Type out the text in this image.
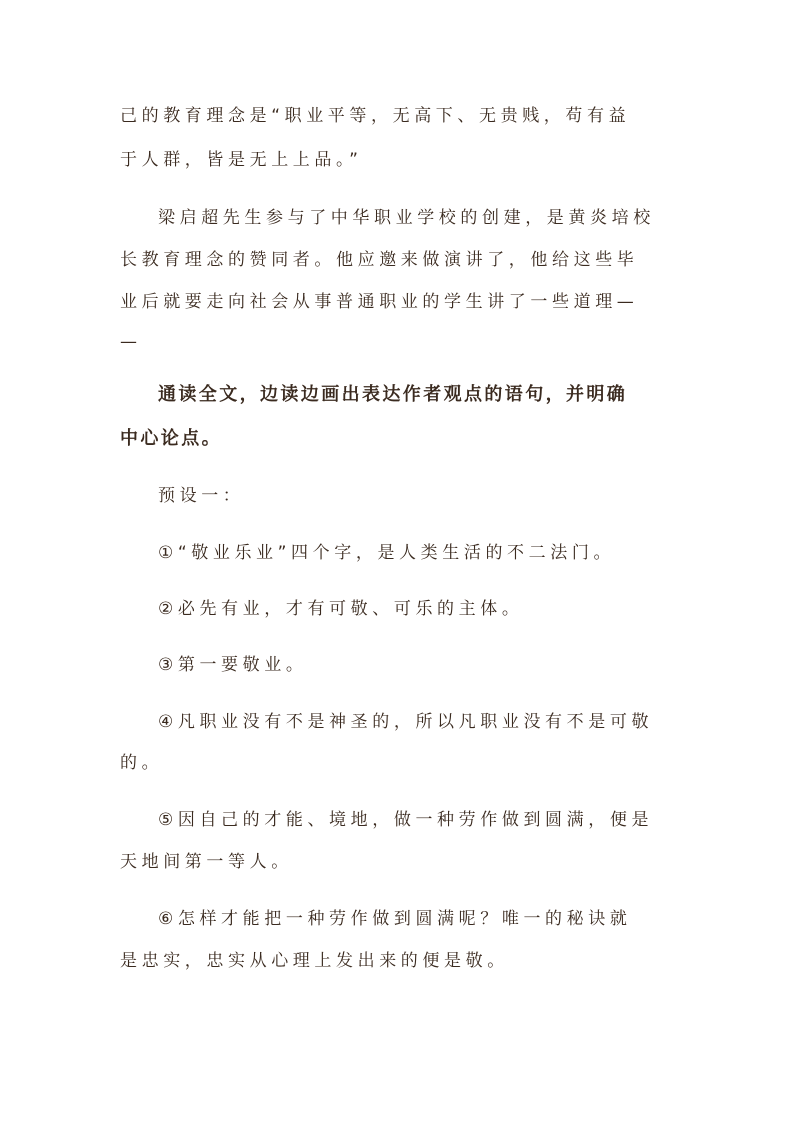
己的教育理念是“职业平等，无高下、无贵贱，苟有益
于人群，皆是无上上品。”
梁启超先生参与了中华职业学校的创建，是黄炎培校
长教育理念的赞同者。他应邀来做演讲了，他给这些毕
业后就要走向社会从事普通职业的学生讲了一些道理—
—
通读全文，边读边画出表达作者观点的语句，并明确
中心论点。
预设一：
①“敬业乐业”四个字，是人类生活的不二法门。
②必先有业，才有可敬、可乐的主体。
③第一要敬业。
④凡职业没有不是神圣的，所以凡职业没有不是可敬
的。
⑤因自己的才能、境地，做一种劳作做到圆满，便是
天地间第一等人。
⑥怎样才能把一种劳作做到圆满呢？唯一的秘诀就
是忠实，忠实从心理上发出来的便是敬。
